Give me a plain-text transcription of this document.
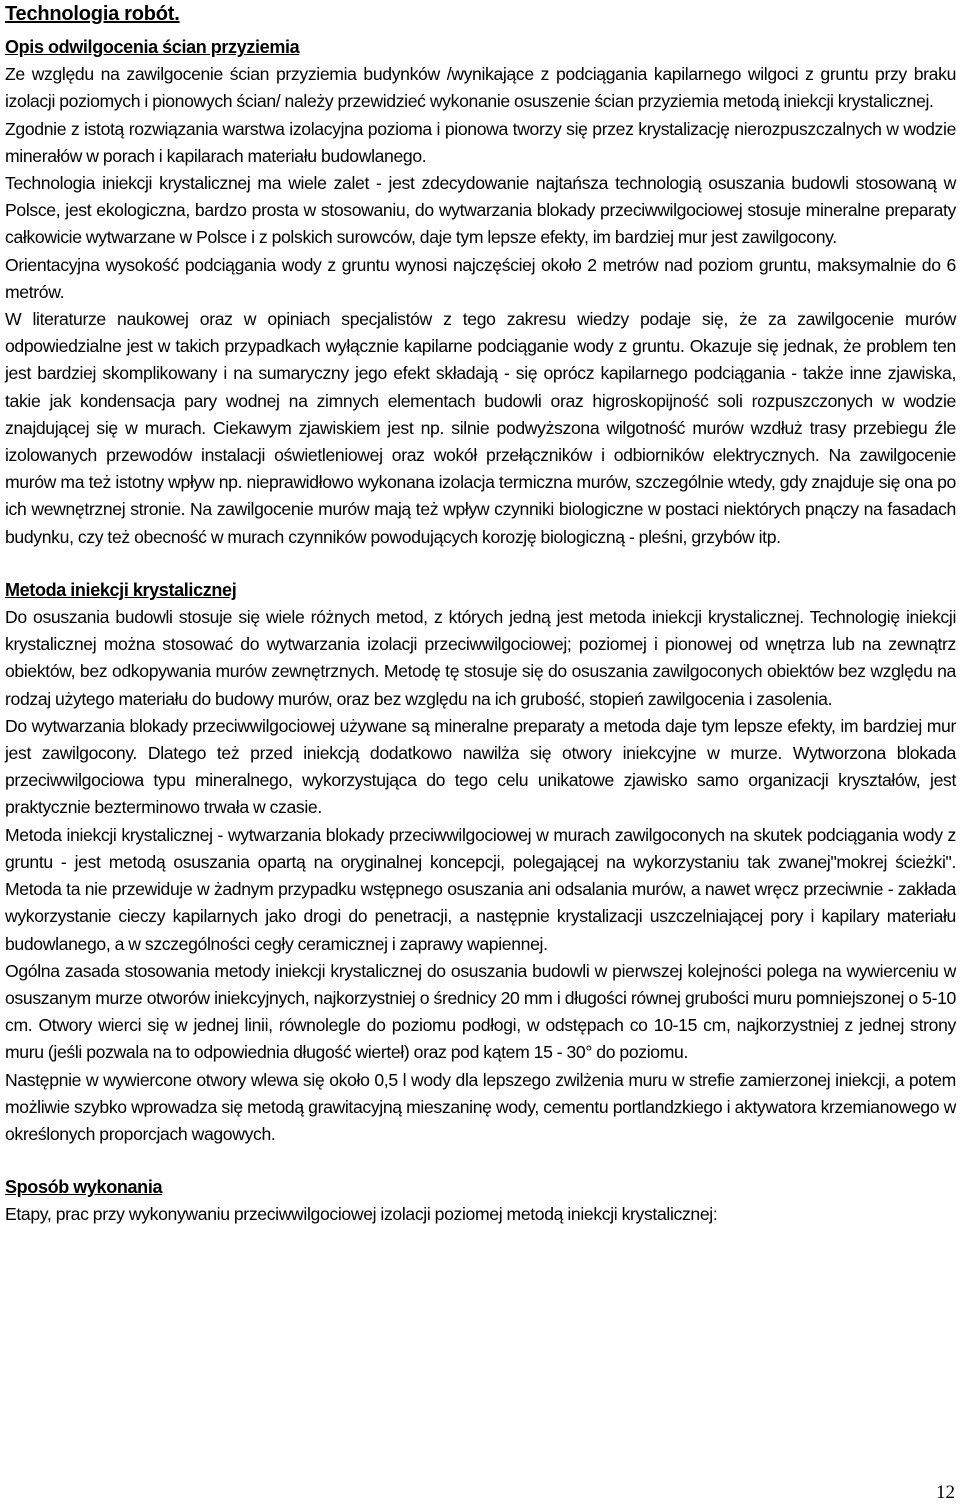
Technologia robót.
Opis odwilgocenia ścian przyziemia

Ze względu na zawilgocenie ścian przyziemia budynków /wynikające z podciągania kapilarnego wilgoci z gruntu przy braku izolacji poziomych i pionowych ścian/ należy przewidzieć wykonanie osuszenie ścian przyziemia metodą iniekcji krystalicznej.

Zgodnie z istotą rozwiązania warstwa izolacyjna pozioma i pionowa tworzy się przez krystalizację nierozpuszczalnych w wodzie minerałów w porach i kapilarach materiału budowlanego.

Technologia iniekcji krystalicznej ma wiele zalet - jest zdecydowanie najtańsza technologią osuszania budowli stosowaną w Polsce, jest ekologiczna, bardzo prosta w stosowaniu, do wytwarzania blokady przeciwwilgociowej stosuje mineralne preparaty całkowicie wytwarzane w Polsce i z polskich surowców, daje tym lepsze efekty, im bardziej mur jest zawilgocony.

Orientacyjna wysokość podciągania wody z gruntu wynosi najczęściej około 2 metrów nad poziom gruntu, maksymalnie do 6 metrów.

W literaturze naukowej oraz w opiniach specjalistów z tego zakresu wiedzy podaje się, że za zawilgocenie murów odpowiedzialne jest w takich przypadkach wyłącznie kapilarne podciąganie wody z gruntu. Okazuje się jednak, że problem ten jest bardziej skomplikowany i na sumaryczny jego efekt składają - się oprócz kapilarnego podciągania - także inne zjawiska, takie jak kondensacja pary wodnej na zimnych elementach budowli oraz higroskopijność soli rozpuszczonych w wodzie znajdującej się w murach. Ciekawym zjawiskiem jest np. silnie podwyższona wilgotność murów wzdłuż trasy przebiegu źle izolowanych przewodów instalacji oświetleniowej oraz wokół przełączników i odbiorników elektrycznych. Na zawilgocenie murów ma też istotny wpływ np. nieprawidłowo wykonana izolacja termiczna murów, szczególnie wtedy, gdy znajduje się ona po ich wewnętrznej stronie. Na zawilgocenie murów mają też wpływ czynniki biologiczne w postaci niektórych pnączy na fasadach budynku, czy też obecność w murach czynników powodujących korozję biologiczną - pleśni, grzybów itp.

Metoda iniekcji krystalicznej

Do osuszania budowli stosuje się wiele różnych metod, z których jedną jest metoda iniekcji krystalicznej. Technologię iniekcji krystalicznej można stosować do wytwarzania izolacji przeciwwilgociowej; poziomej i pionowej od wnętrza lub na zewnątrz obiektów, bez odkopywania murów zewnętrznych. Metodę tę stosuje się do osuszania zawilgoconych obiektów bez względu na rodzaj użytego materiału do budowy murów, oraz bez względu na ich grubość, stopień zawilgocenia i zasolenia.

Do wytwarzania blokady przeciwwilgociowej używane są mineralne preparaty a metoda daje tym lepsze efekty, im bardziej mur jest zawilgocony. Dlatego też przed iniekcją dodatkowo nawilża się otwory iniekcyjne w murze. Wytworzona blokada przeciwwilgociowa typu mineralnego, wykorzystująca do tego celu unikatowe zjawisko samo organizacji kryształów, jest praktycznie bezterminowo trwała w czasie.

Metoda iniekcji krystalicznej - wytwarzania blokady przeciwwilgociowej w murach zawilgoconych na skutek podciągania wody z gruntu - jest metodą osuszania opartą na oryginalnej koncepcji, polegającej na wykorzystaniu tak zwanej"mokrej ścieżki". Metoda ta nie przewiduje w żadnym przypadku wstępnego osuszania ani odsalania murów, a nawet wręcz przeciwnie - zakłada wykorzystanie cieczy kapilarnych jako drogi do penetracji, a następnie krystalizacji uszczelniającej pory i kapilary materiału budowlanego, a w szczególności cegły ceramicznej i zaprawy wapiennej.

Ogólna zasada stosowania metody iniekcji krystalicznej do osuszania budowli w pierwszej kolejności polega na wywierceniu w osuszanym murze otworów iniekcyjnych, najkorzystniej o średnicy 20 mm i długości równej grubości muru pomniejszonej o 5-10 cm. Otwory wierci się w jednej linii, równolegle do poziomu podłogi, w odstępach co 10-15 cm, najkorzystniej z jednej strony muru (jeśli pozwala na to odpowiednia długość wierteł) oraz pod kątem 15 - 30° do poziomu.

Następnie w wywiercone otwory wlewa się około 0,5 l wody dla lepszego zwilżenia muru w strefie zamierzonej iniekcji, a potem możliwie szybko wprowadza się metodą grawitacyjną mieszaninę wody, cementu portlandzkiego i aktywatora krzemianowego w określonych proporcjach wagowych.

Sposób wykonania

Etapy, prac przy wykonywaniu przeciwwilgociowej izolacji poziomej metodą iniekcji krystalicznej:

12
